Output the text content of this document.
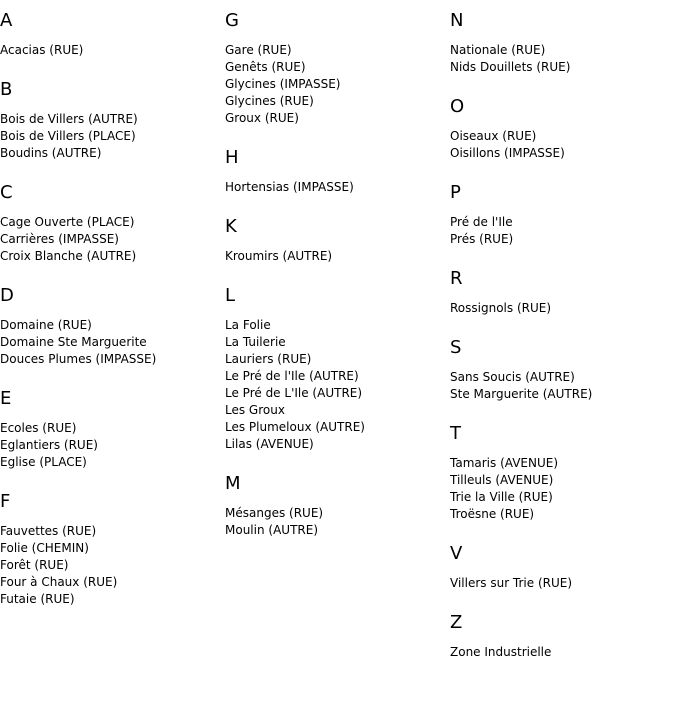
A
Acacias (RUE)
B
Bois de Villers (AUTRE)
Bois de Villers (PLACE)
Boudins (AUTRE)
C
Cage Ouverte (PLACE)
Carrières (IMPASSE)
Croix Blanche (AUTRE)
D
Domaine (RUE)
Domaine Ste Marguerite
Douces Plumes (IMPASSE)
E
Ecoles (RUE)
Eglantiers (RUE)
Eglise (PLACE)
F
Fauvettes (RUE)
Folie (CHEMIN)
Forêt (RUE)
Four à Chaux (RUE)
Futaie (RUE)
G
Gare (RUE)
Genêts (RUE)
Glycines (IMPASSE)
Glycines (RUE)
Groux (RUE)
H
Hortensias (IMPASSE)
K
Kroumirs (AUTRE)
L
La Folie
La Tuilerie
Lauriers (RUE)
Le Pré de l'Ile (AUTRE)
Le Pré de L'Ile (AUTRE)
Les Groux
Les Plumeloux (AUTRE)
Lilas (AVENUE)
M
Mésanges (RUE)
Moulin (AUTRE)
N
Nationale (RUE)
Nids Douillets (RUE)
O
Oiseaux (RUE)
Oisillons (IMPASSE)
P
Pré de l'Ile
Prés (RUE)
R
Rossignols (RUE)
S
Sans Soucis (AUTRE)
Ste Marguerite (AUTRE)
T
Tamaris (AVENUE)
Tilleuls (AVENUE)
Trie la Ville (RUE)
Troësne (RUE)
V
Villers sur Trie (RUE)
Z
Zone Industrielle
